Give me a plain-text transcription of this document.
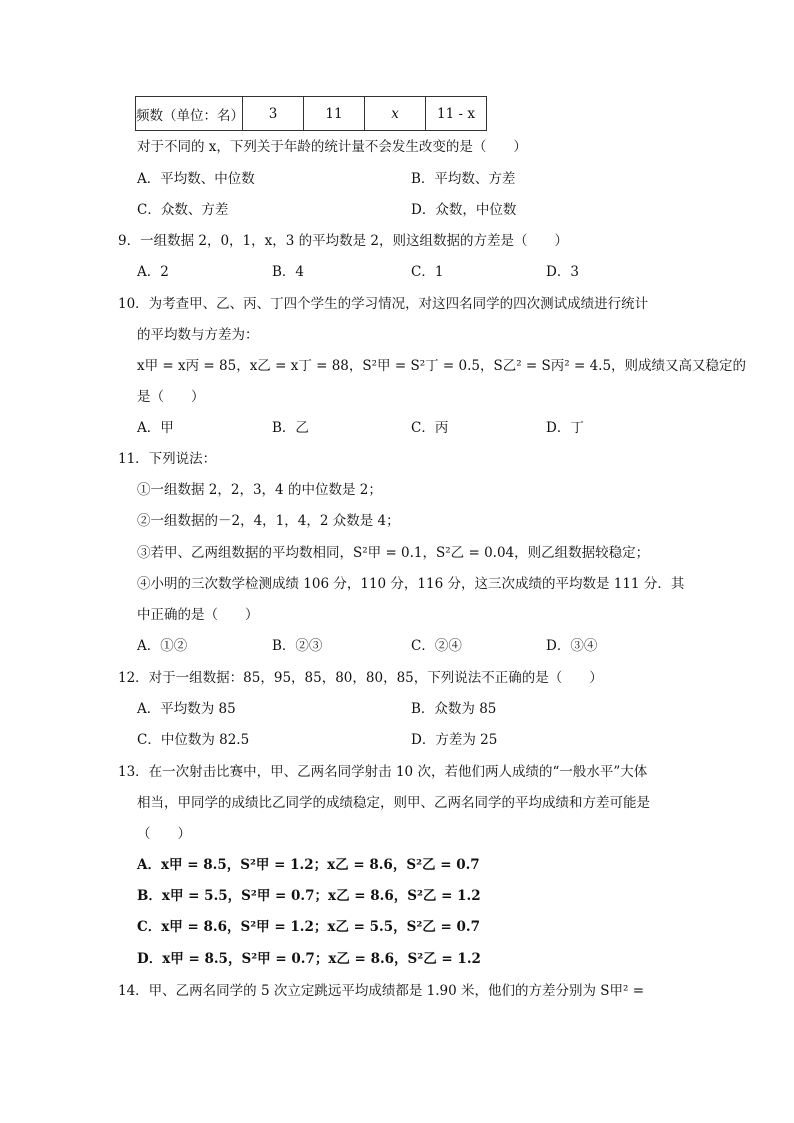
频数（单位：名）	3	11	x	11 - x
对于不同的 x，下列关于年龄的统计量不会发生改变的是（　　）
A．平均数、中位数	B．平均数、方差
C．众数、方差	D．众数，中位数
9．一组数据 2，0，1，x，3 的平均数是 2，则这组数据的方差是（　　）
A．2	B．4	C．1	D．3
10．为考查甲、乙、丙、丁四个学生的学习情况，对这四名同学的四次测试成绩进行统计
的平均数与方差为：
x甲 = x丙 = 85，x乙 = x丁 = 88，S²甲 = S²丁 = 0.5，S乙² = S丙² = 4.5，则成绩又高又稳定的
是（　　）
A．甲	B．乙	C．丙	D．丁
11．下列说法：
①一组数据 2，2，3，4 的中位数是 2；
②一组数据的－2，4，1，4，2 众数是 4；
③若甲、乙两组数据的平均数相同，S²甲 = 0.1，S²乙 = 0.04，则乙组数据较稳定；
④小明的三次数学检测成绩 106 分，110 分，116 分，这三次成绩的平均数是 111 分．其
中正确的是（　　）
A．①②	B．②③	C．②④	D．③④
12．对于一组数据：85，95，85，80，80，85，下列说法不正确的是（　　）
A．平均数为 85	B．众数为 85
C．中位数为 82.5	D．方差为 25
13．在一次射击比赛中，甲、乙两名同学射击 10 次，若他们两人成绩的“一般水平”大体
相当，甲同学的成绩比乙同学的成绩稳定，则甲、乙两名同学的平均成绩和方差可能是
（　　）
A．x甲 = 8.5，S²甲 = 1.2；x乙 = 8.6，S²乙 = 0.7
B．x甲 = 5.5，S²甲 = 0.7；x乙 = 8.6，S²乙 = 1.2
C．x甲 = 8.6，S²甲 = 1.2；x乙 = 5.5，S²乙 = 0.7
D．x甲 = 8.5，S²甲 = 0.7；x乙 = 8.6，S²乙 = 1.2
14．甲、乙两名同学的 5 次立定跳远平均成绩都是 1.90 米，他们的方差分别为 S甲² =
